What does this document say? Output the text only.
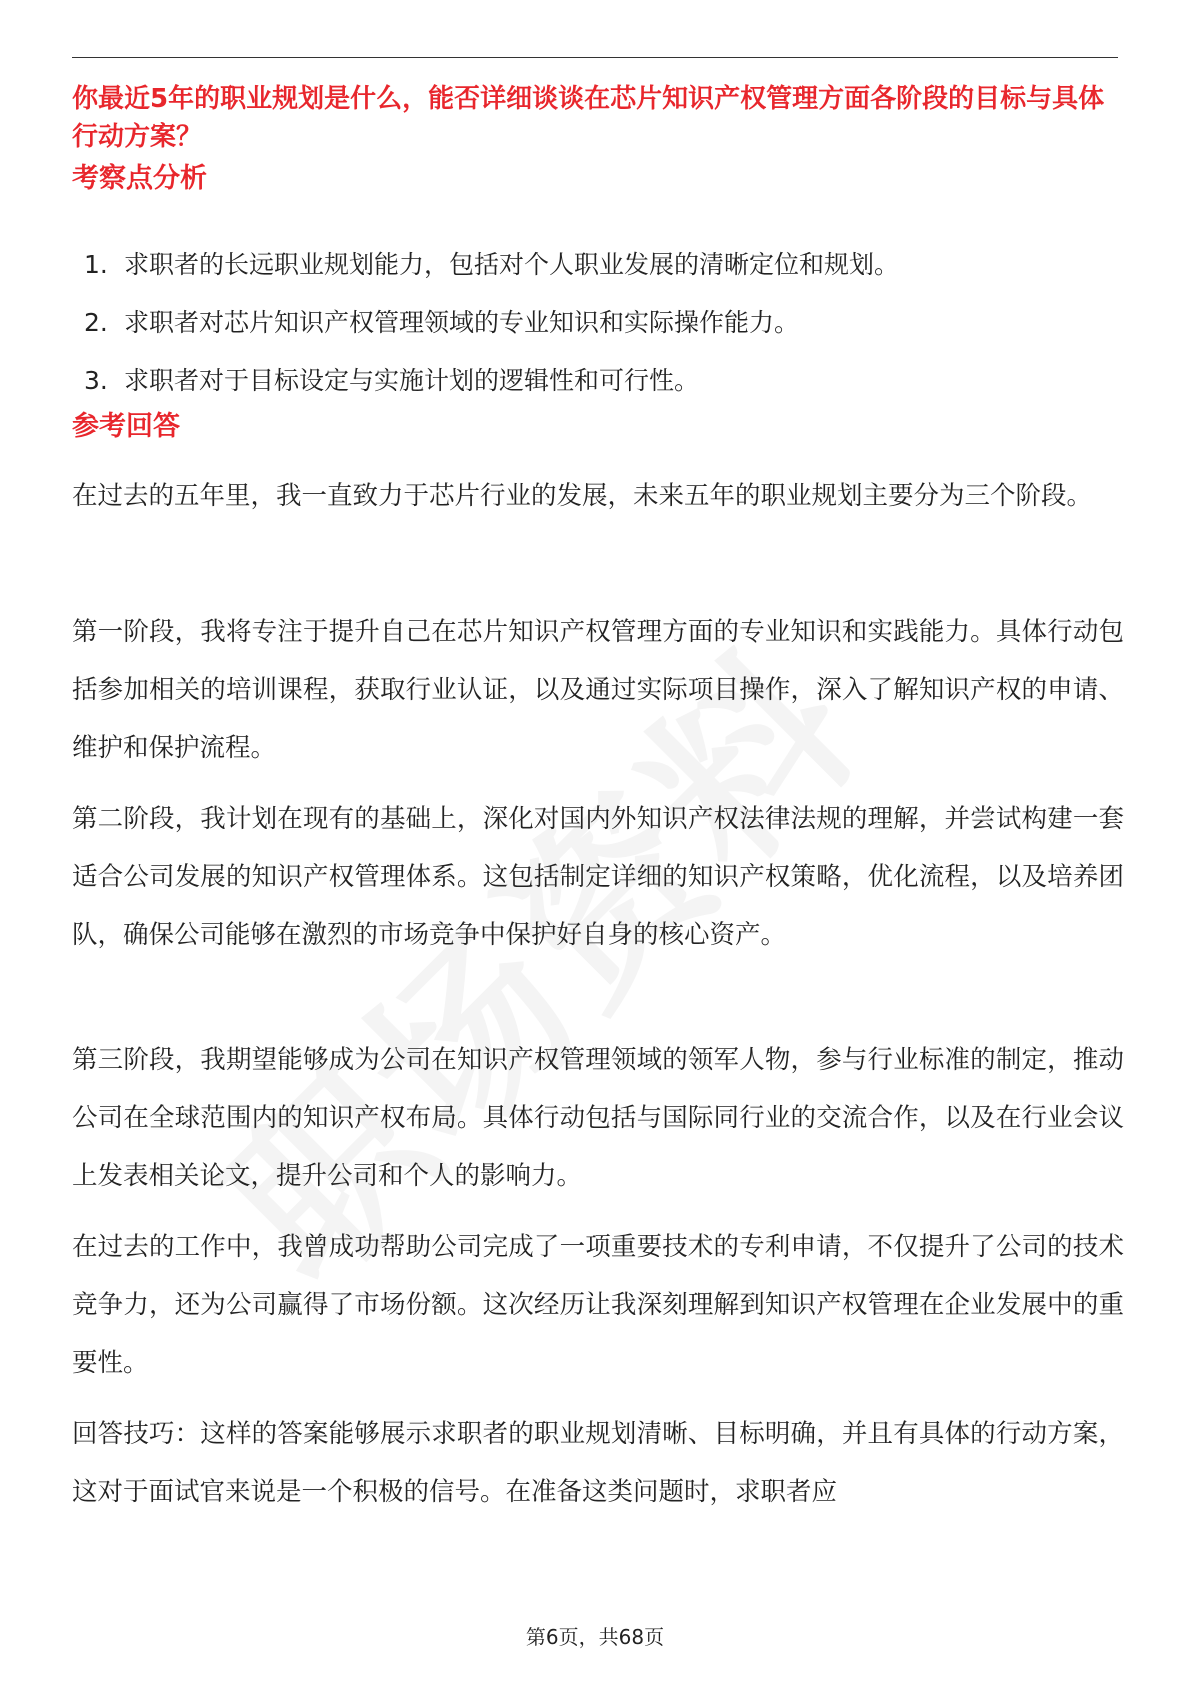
你最近5年的职业规划是什么，能否详细谈谈在芯片知识产权管理方面各阶段的目标与具体行动方案？
考察点分析
1. 求职者的长远职业规划能力，包括对个人职业发展的清晰定位和规划。
2. 求职者对芯片知识产权管理领域的专业知识和实际操作能力。
3. 求职者对于目标设定与实施计划的逻辑性和可行性。
参考回答

在过去的五年里，我一直致力于芯片行业的发展，未来五年的职业规划主要分为三个阶段。

第一阶段，我将专注于提升自己在芯片知识产权管理方面的专业知识和实践能力。具体行动包括参加相关的培训课程，获取行业认证，以及通过实际项目操作，深入了解知识产权的申请、维护和保护流程。

第二阶段，我计划在现有的基础上，深化对国内外知识产权法律法规的理解，并尝试构建一套适合公司发展的知识产权管理体系。这包括制定详细的知识产权策略，优化流程，以及培养团队，确保公司能够在激烈的市场竞争中保护好自身的核心资产。

第三阶段，我期望能够成为公司在知识产权管理领域的领军人物，参与行业标准的制定，推动公司在全球范围内的知识产权布局。具体行动包括与国际同行业的交流合作，以及在行业会议上发表相关论文，提升公司和个人的影响力。

在过去的工作中，我曾成功帮助公司完成了一项重要技术的专利申请，不仅提升了公司的技术竞争力，还为公司赢得了市场份额。这次经历让我深刻理解到知识产权管理在企业发展中的重要性。

回答技巧：这样的答案能够展示求职者的职业规划清晰、目标明确，并且有具体的行动方案，这对于面试官来说是一个积极的信号。在准备这类问题时，求职者应

第6页，共68页
